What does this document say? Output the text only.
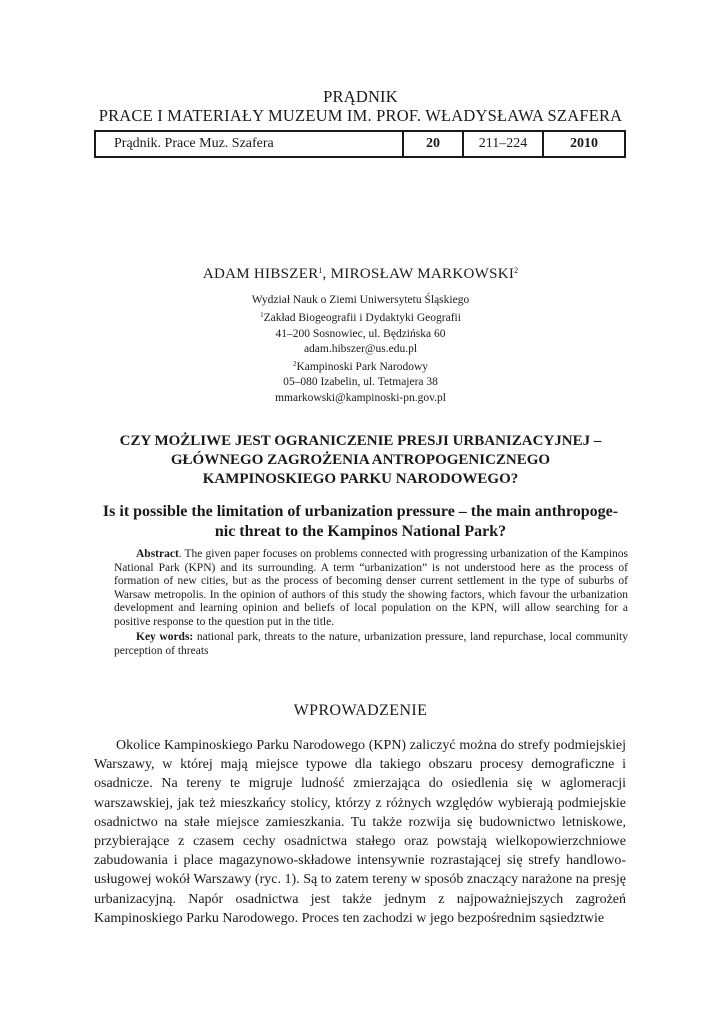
PRĄDNIK
PRACE I MATERIAŁY MUZEUM IM. PROF. WŁADYSŁAWA SZAFERA
Prądnik. Prace Muz. Szafera	20	211–224	2010
ADAM HIBSZER$^1$, MIROSŁAW MARKOWSKI$^2$
Wydział Nauk o Ziemi Uniwersytetu Śląskiego
$^1$Zakład Biogeografii i Dydaktyki Geografii
41–200 Sosnowiec, ul. Będzińska 60
adam.hibszer@us.edu.pl
$^2$Kampinoski Park Narodowy
05–080 Izabelin, ul. Tetmajera 38
mmarkowski@kampinoski-pn.gov.pl
CZY MOŻLIWE JEST OGRANICZENIE PRESJI URBANIZACYJNEJ –
GŁÓWNEGO ZAGROŻENIA ANTROPOGENICZNEGO
KAMPINOSKIEGO PARKU NARODOWEGO?
Is it possible the limitation of urbanization pressure – the main anthropoge-
nic threat to the Kampinos National Park?

Abstract. The given paper focuses on problems connected with progressing urbanization of the Kampinos National Park (KPN) and its surrounding. A term “urbanization” is not understood here as the process of formation of new cities, but as the process of becoming denser current settlement in the type of suburbs of Warsaw metropolis. In the opinion of authors of this study the showing factors, which favour the urbanization development and learning opinion and beliefs of local population on the KPN, will allow searching for a positive response to the question put in the title.

Key words: national park, threats to the nature, urbanization pressure, land repurchase, local community perception of threats

WPROWADZENIE

Okolice Kampinoskiego Parku Narodowego (KPN) zaliczyć można do strefy podmiejskiej Warszawy, w której mają miejsce typowe dla takiego obszaru procesy demograficzne i osadnicze. Na tereny te migruje ludność zmierzająca do osiedlenia się w aglomeracji warszawskiej, jak też mieszkańcy stolicy, którzy z różnych względów wybierają podmiejskie osadnictwo na stałe miejsce zamieszkania. Tu także rozwija się budownictwo letniskowe, przybierające z czasem cechy osadnictwa stałego oraz powstają wielkopowierzchniowe zabudowania i place magazynowo-składowe intensywnie rozrastającej się strefy handlowo-usługowej wokół Warszawy (ryc. 1). Są to zatem tereny w sposób znaczący narażone na presję urbanizacyjną. Napór osadnictwa jest także jednym z najpoważniejszych zagrożeń Kampinoskiego Parku Narodowego. Proces ten zachodzi w jego bezpośrednim sąsiedztwie
